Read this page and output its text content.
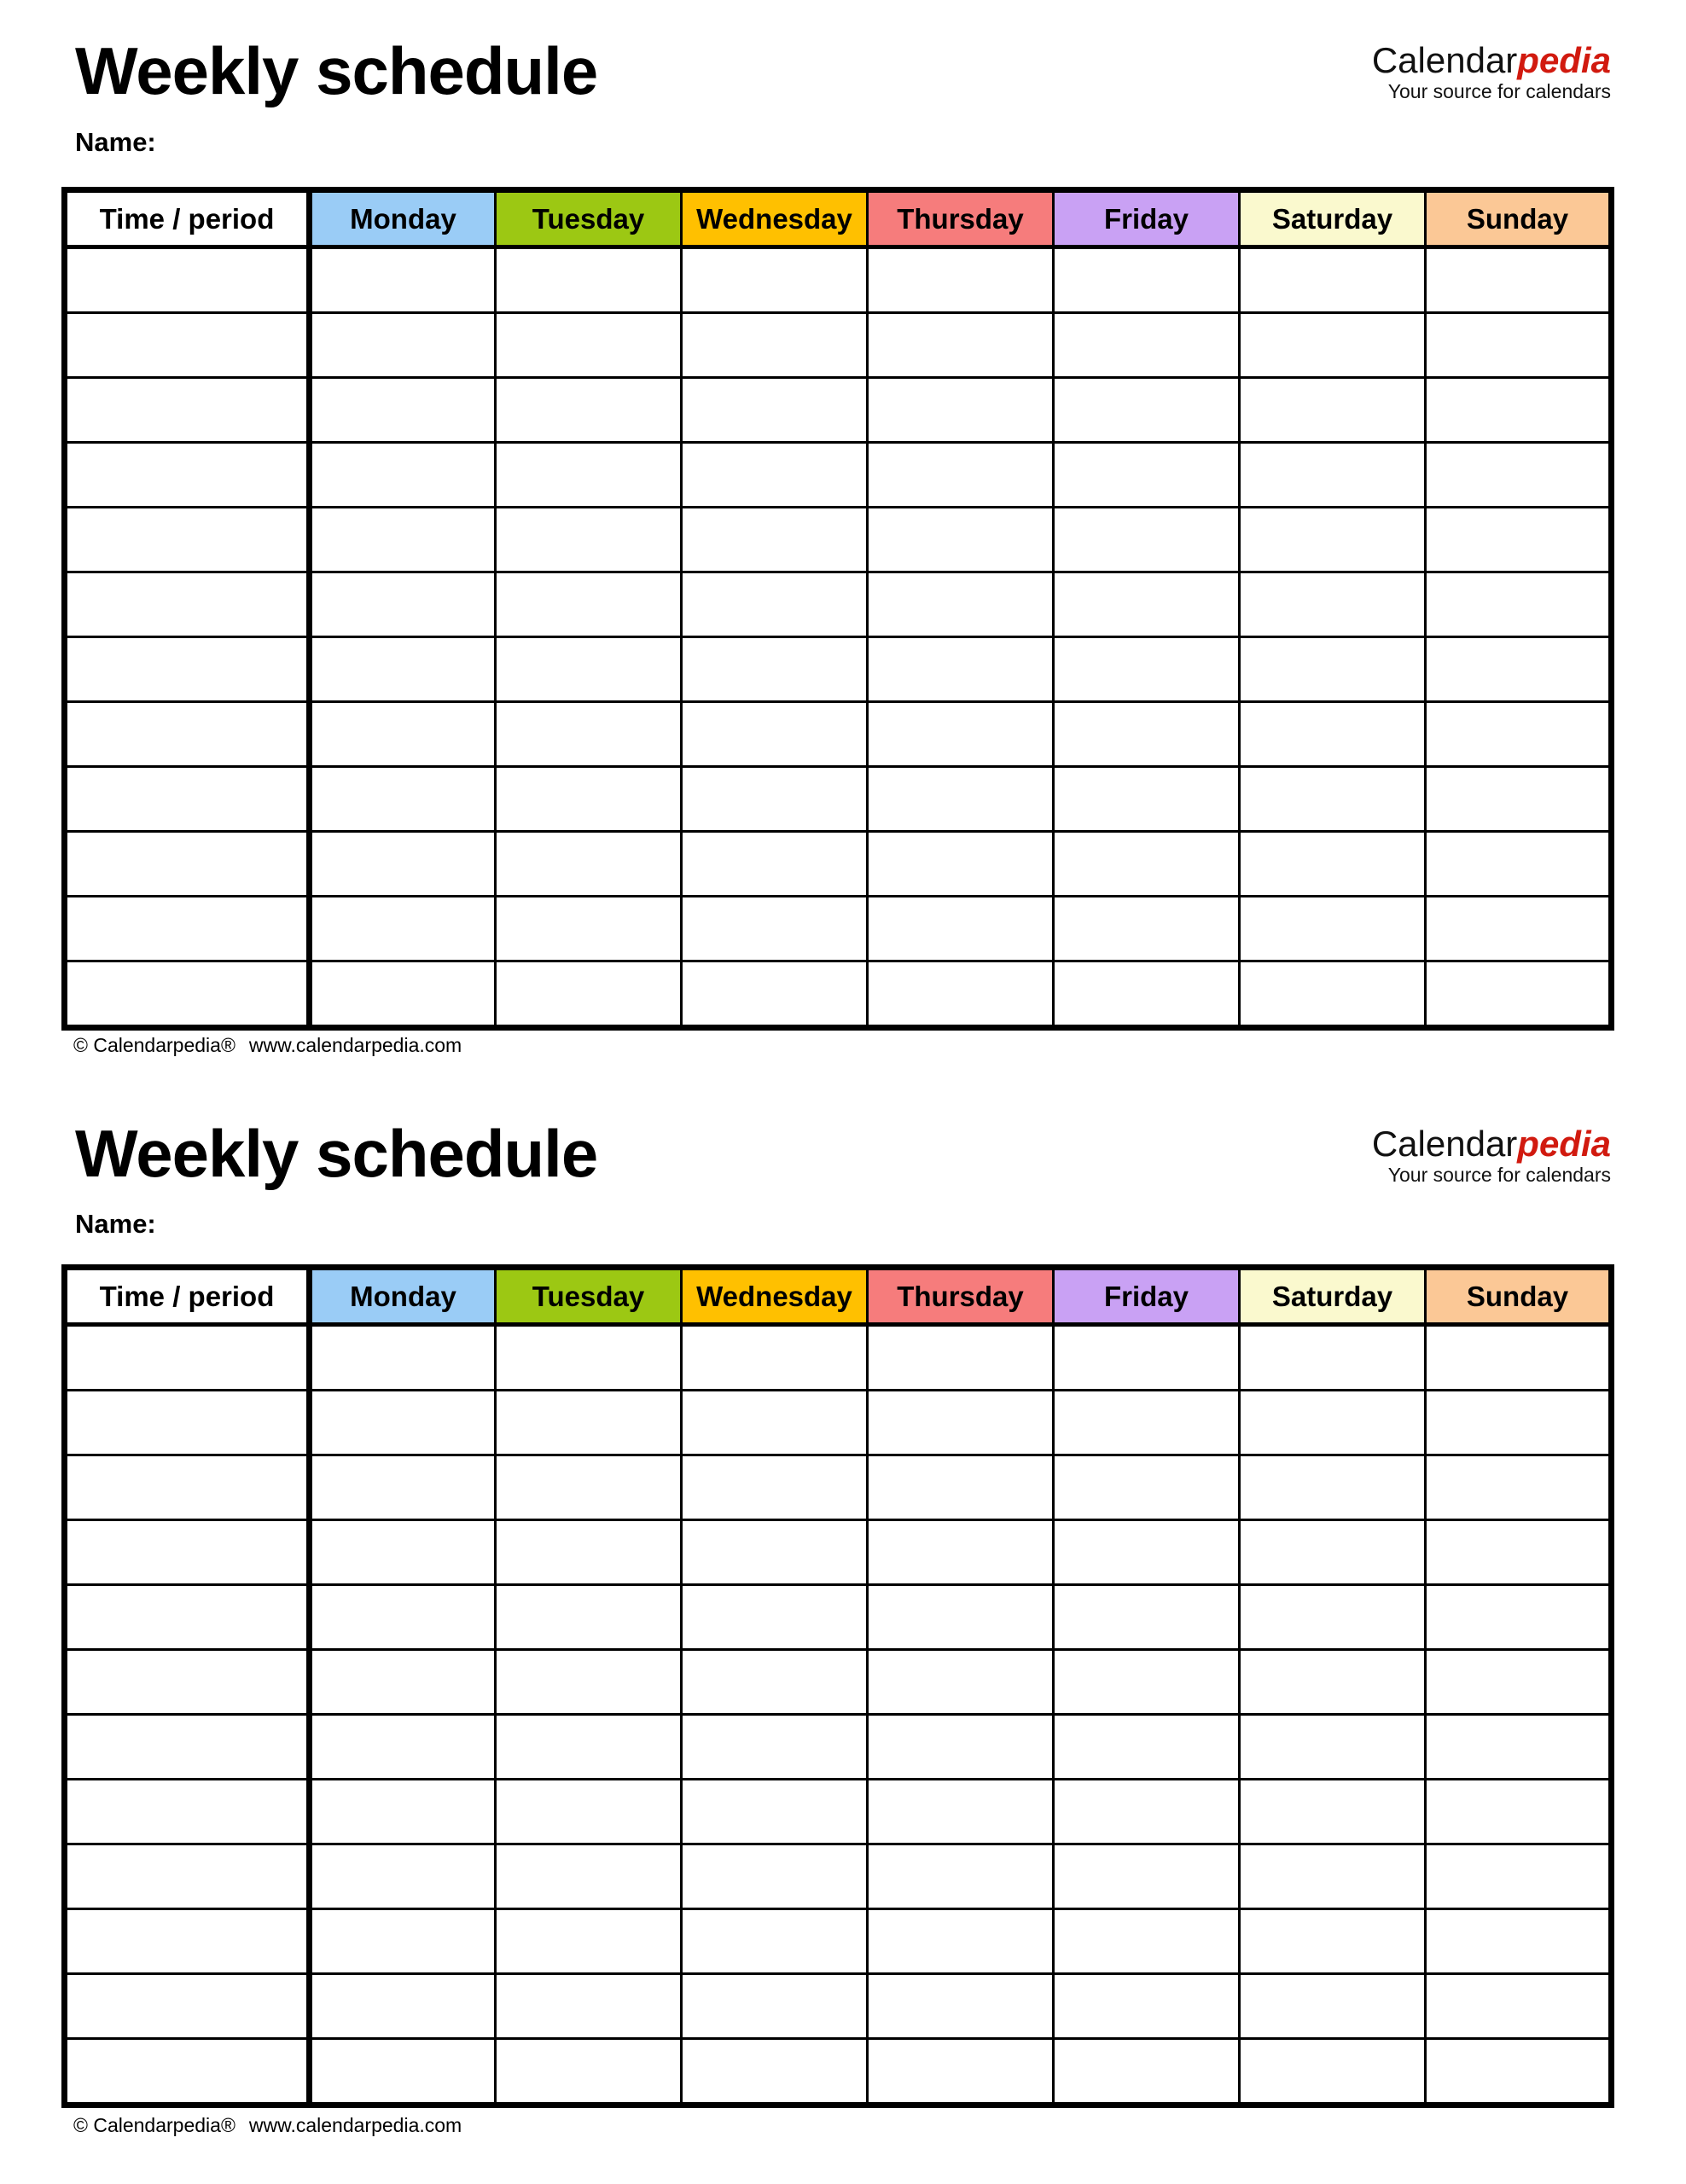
Weekly schedule	Calendarpedia
Your source for calendars
Name:
Time / period	Monday	Tuesday	Wednesday	Thursday	Friday	Saturday	Sunday

© Calendarpedia® www.calendarpedia.com
Weekly schedule	Calendarpedia
Your source for calendars
Name:
Time / period	Monday	Tuesday	Wednesday	Thursday	Friday	Saturday	Sunday

© Calendarpedia® www.calendarpedia.com
